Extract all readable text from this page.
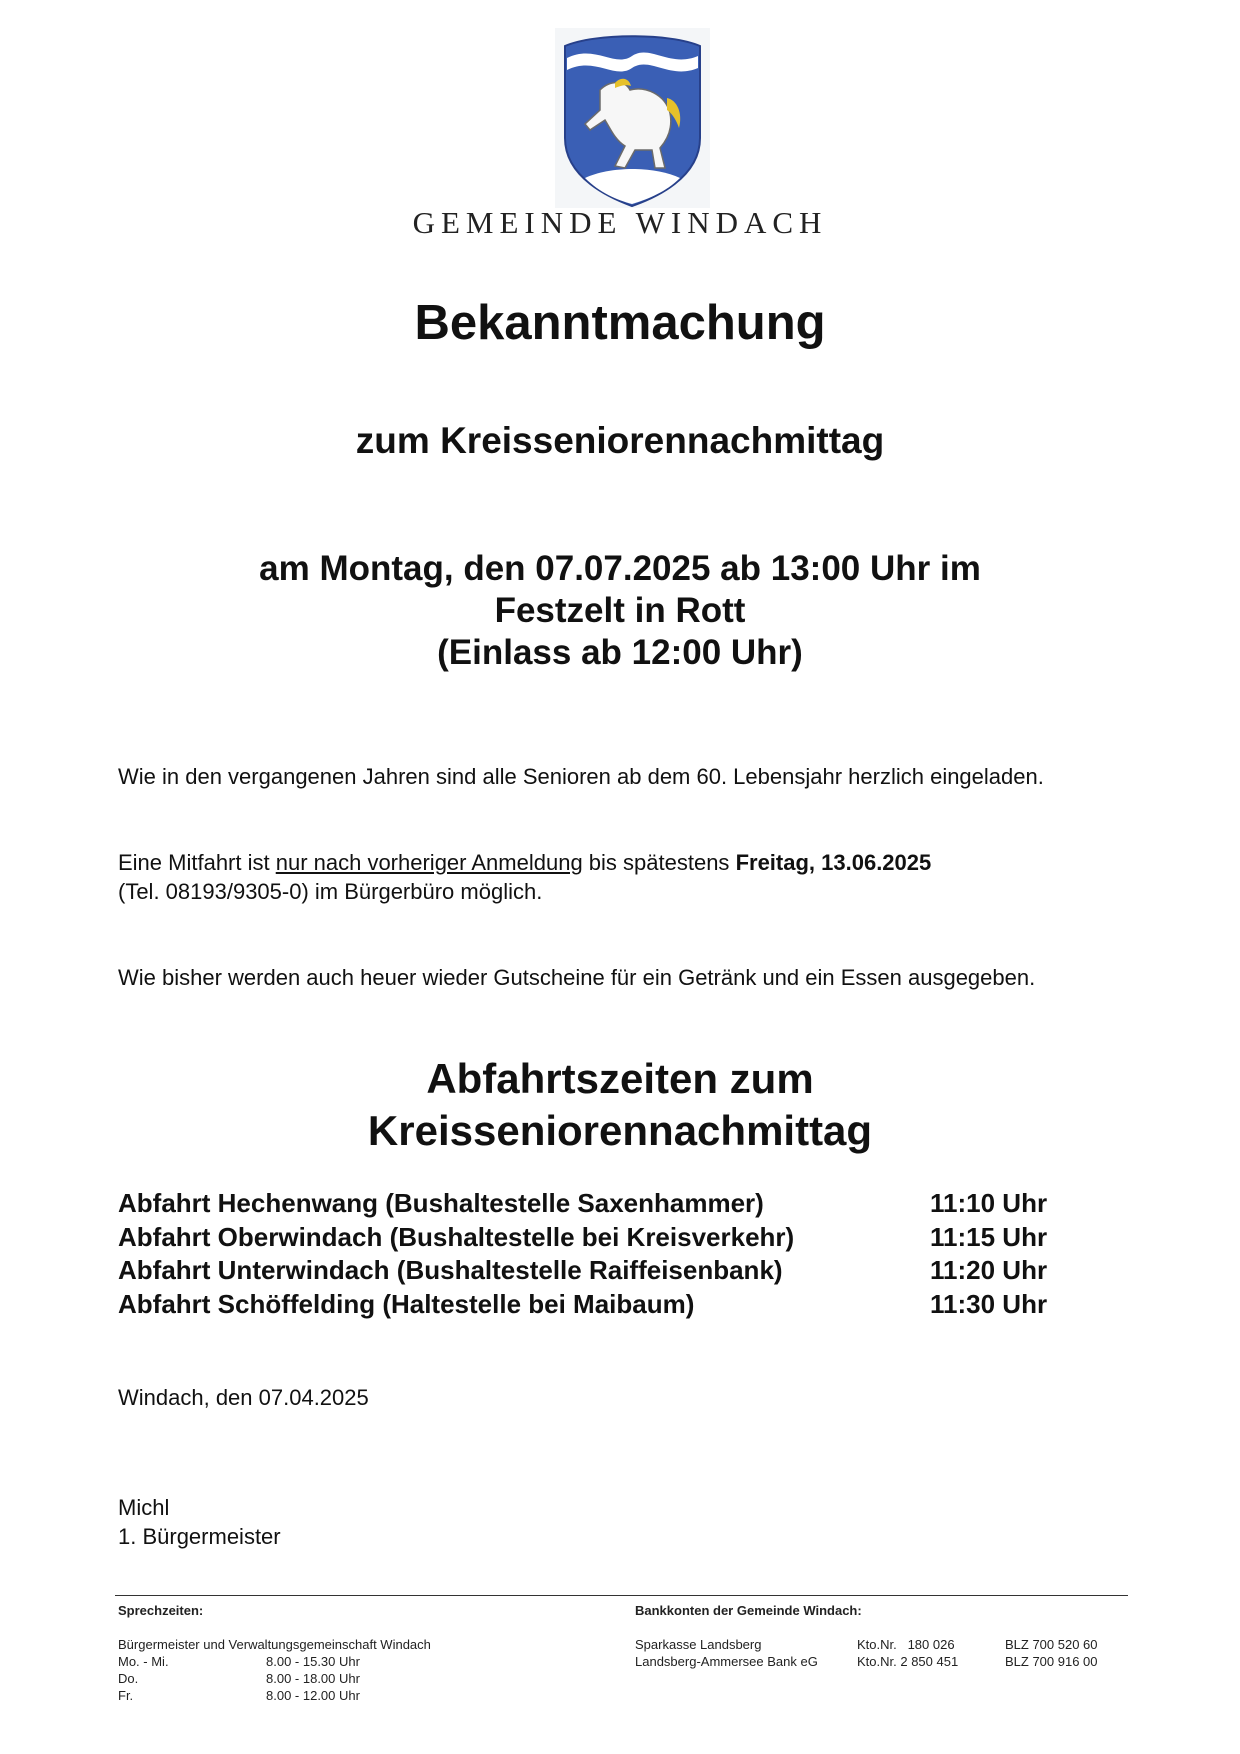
GEMEINDE WINDACH
Bekanntmachung
zum Kreisseniorennachmittag
am Montag, den 07.07.2025 ab 13:00 Uhr im
Festzelt in Rott
(Einlass ab 12:00 Uhr)
Wie in den vergangenen Jahren sind alle Senioren ab dem 60. Lebensjahr herzlich eingeladen.
Eine Mitfahrt ist nur nach vorheriger Anmeldung bis spätestens Freitag, 13.06.2025
(Tel. 08193/9305-0) im Bürgerbüro möglich.
Wie bisher werden auch heuer wieder Gutscheine für ein Getränk und ein Essen ausgegeben.
Abfahrtszeiten zum
Kreisseniorennachmittag
Abfahrt Hechenwang (Bushaltestelle Saxenhammer)	11:10 Uhr
Abfahrt Oberwindach (Bushaltestelle bei Kreisverkehr)	11:15 Uhr
Abfahrt Unterwindach (Bushaltestelle Raiffeisenbank)	11:20 Uhr
Abfahrt Schöffelding (Haltestelle bei Maibaum)	11:30 Uhr
Windach, den 07.04.2025
Michl
1. Bürgermeister
Sprechzeiten:	Bankkonten der Gemeinde Windach:
Bürgermeister und Verwaltungsgemeinschaft Windach
Mo. - Mi.	8.00 - 15.30 Uhr
Do.	8.00 - 18.00 Uhr
Fr.	8.00 - 12.00 Uhr
Sparkasse Landsberg	Kto.Nr.   180 026	BLZ 700 520 60
Landsberg-Ammersee Bank eG	Kto.Nr. 2 850 451	BLZ 700 916 00
